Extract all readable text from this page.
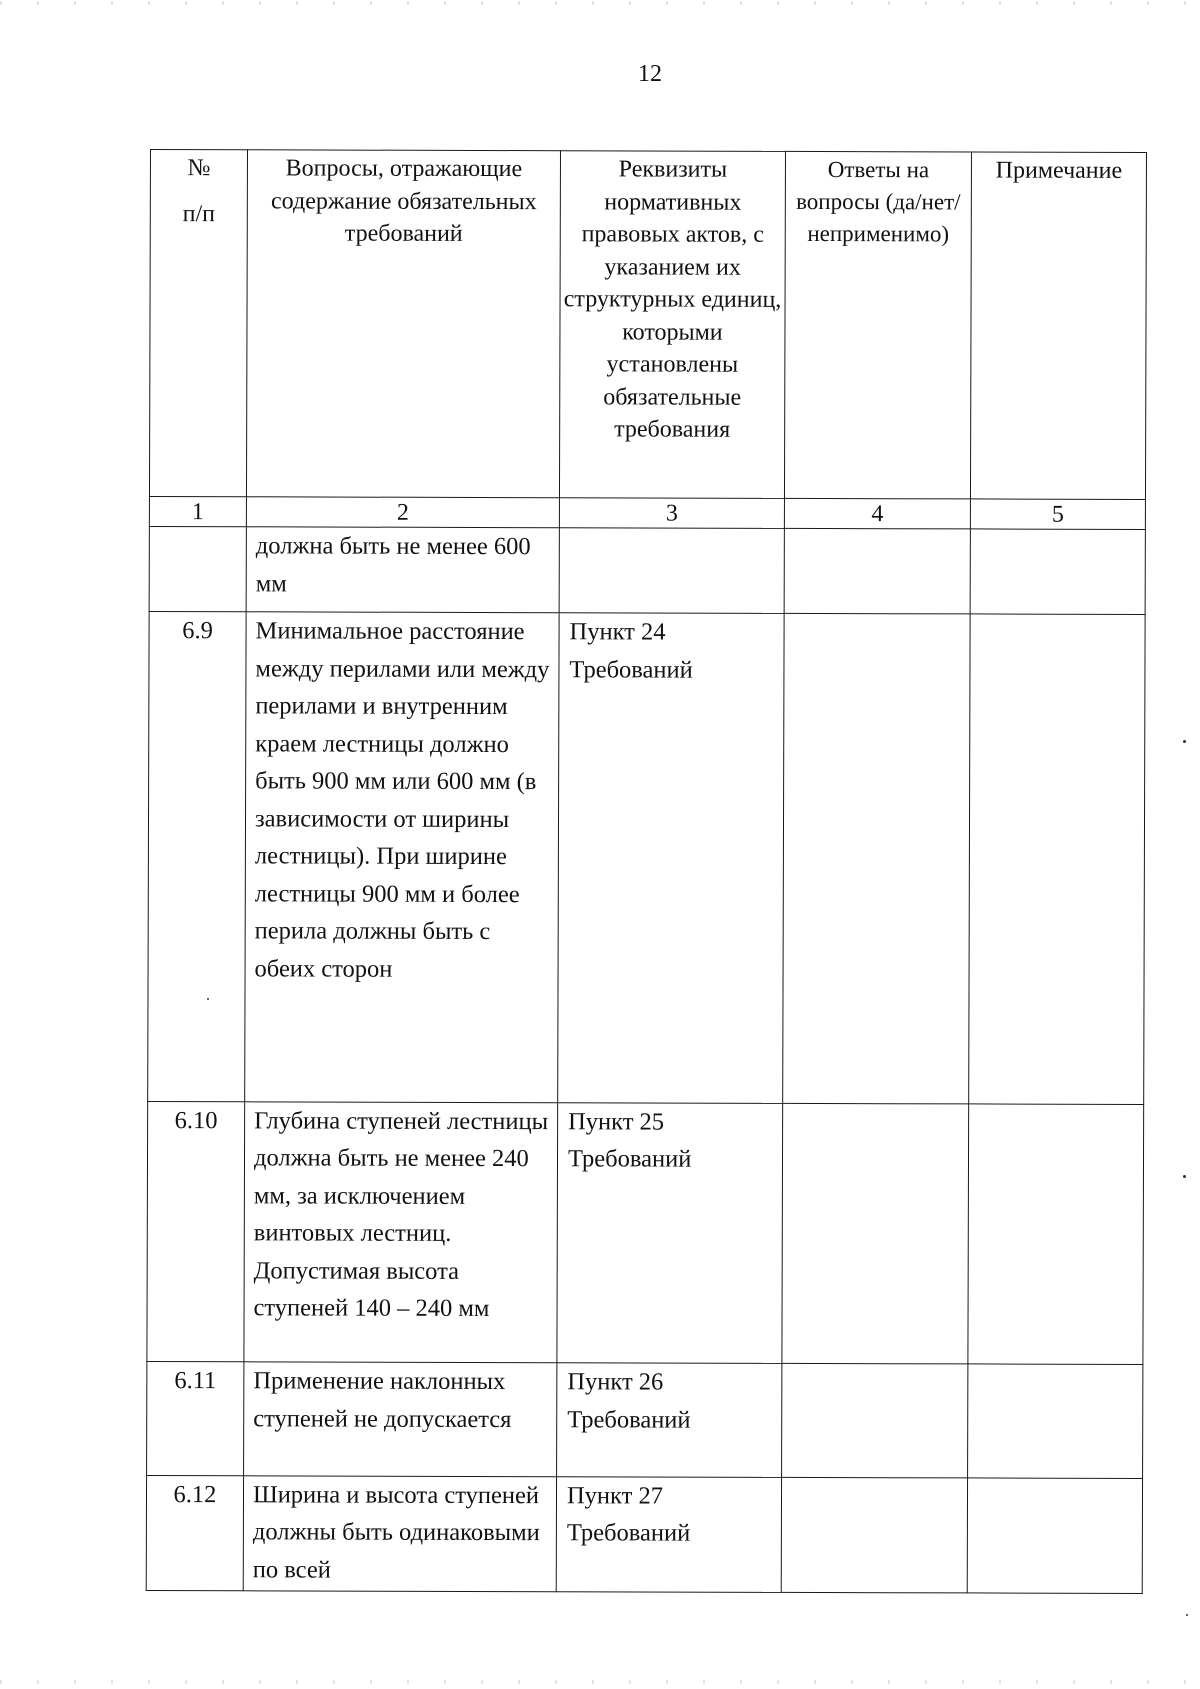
12
№
п/п	Вопросы, отражающие содержание обязательных требований	Реквизиты нормативных правовых актов, с указанием их структурных единиц, которыми установлены обязательные требования	Ответы на вопросы (да/нет/ неприменимо)	Примечание
1	2	3	4	5
	должна быть не менее 600 мм			
6.9	Минимальное расстояние между перилами или между перилами и внутренним краем лестницы должно быть 900 мм или 600 мм (в зависимости от ширины лестницы). При ширине лестницы 900 мм и более перила должны быть с обеих сторон	Пункт 24 Требований		
6.10	Глубина ступеней лестницы должна быть не менее 240 мм, за исключением винтовых лестниц. Допустимая высота ступеней 140 – 240 мм	Пункт 25 Требований		
6.11	Применение наклонных ступеней не допускается	Пункт 26 Требований		
6.12	Ширина и высота ступеней должны быть одинаковыми по всей	Пункт 27 Требований		
